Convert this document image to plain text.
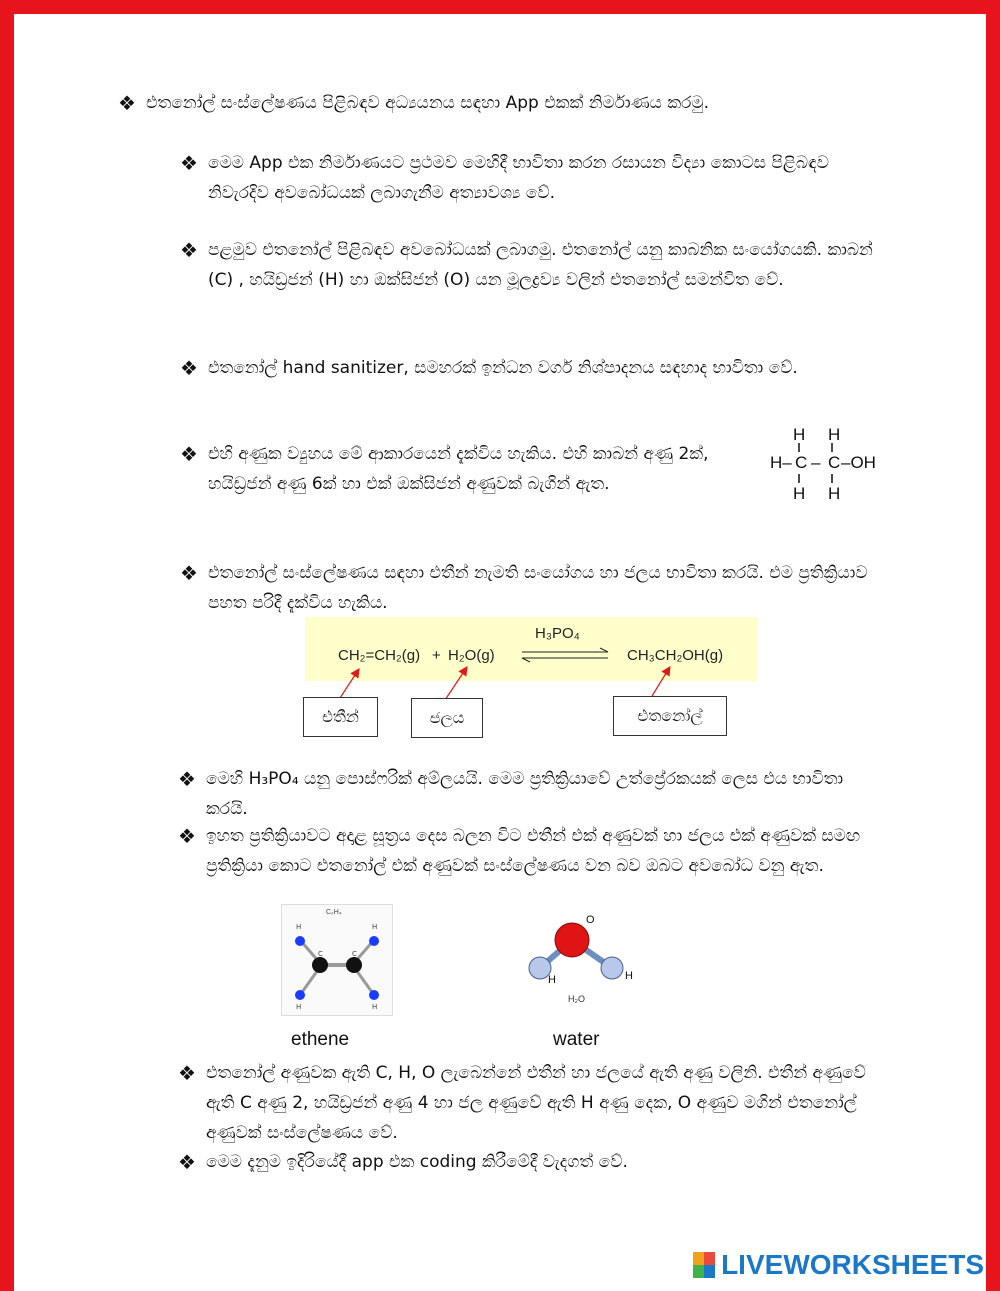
❖ එතනෝල් සංස්ලේෂණය පිළිබඳව අධ්‍යයනය සඳහා App එකක් නිර්මාණය කරමු.
❖ මෙම App එක නිර්මාණයට ප්‍රථමව මෙහිදී භාවිතා කරන රසායන විද්‍යා කොටස පිළිබඳව නිවැරදිව අවබෝධයක් ලබාගැනීම අත්‍යාවශ්‍ය වේ.
❖ පළමුව එතනෝල් පිළිබඳව අවබෝධයක් ලබාගමු. එතනෝල් යනු කාබනික සංයෝගයකි. කාබන් (C) , හයිඩ්‍රජන් (H) හා ඔක්සිජන් (O) යන මූලද්‍රව්‍ය වලින් එතනෝල් සමන්විත වේ.
❖ එතනෝල් hand sanitizer, සමහරක් ඉන්ධන වර්ග නිශ්පාදනය සඳහාද භාවිතා වේ.
❖ එහි අණුක ව්‍යුහය මේ ආකාරයෙන් දැක්විය හැකිය. එහි කාබන් අණු 2ක්, හයිඩ්‍රජන් අණු 6ක් හා එක් ඔක්සිජන් අණුවක් බැගින් ඇත.
H H
H– C – C –OH
H H
❖ එතනෝල් සංස්ලේෂණය සඳහා එතීන් නැමති සංයෝගය හා ජලය භාවිතා කරයි. එම ප්‍රතික්‍රියාව පහත පරිදී දැක්විය හැකිය.
CH₂=CH₂(g) + H₂O(g)
H₃PO₄
CH₃CH₂OH(g)
එතීන්	ජලය	එතනෝල්
❖ මෙහි H₃PO₄ යනු පොස්ෆරික් අම්ලයයි. මෙම ප්‍රතික්‍රියාවේ උත්ප්‍රේරකයක් ලෙස එය භාවිතා කරයි.
❖ ඉහත ප්‍රතික්‍රියාවට අදාළ සූත්‍රය දෙස බලන විට එතීන් එක් අණුවක් හා ජලය එක් අණුවක් සමඟ ප්‍රතික්‍රියා කොට එතනෝල් එක් අණුවක් සංස්ලේෂණය වන බව ඔබට අවබෝධ වනු ඇත.
C₂H₄
H	H
H	H
C	C
O
H	H
H₂O
ethene	water
❖ එතනෝල් අණුවක ඇති C, H, O ලැබෙන්නේ එතීන් හා ජලයේ ඇති අණු වලිනි. එතීන් අණුවේ ඇති C අණු 2, හයිඩ්‍රජන් අණු 4 හා ජල අණුවේ ඇති H අණු දෙක, O අණුව මගින් එතනෝල් අණුවක් සංස්ලේෂණය වේ.
❖ මෙම දැනුම ඉදිරියේදී app එක coding කිරීමේදී වැදගත් වේ.
LIVEWORKSHEETS
